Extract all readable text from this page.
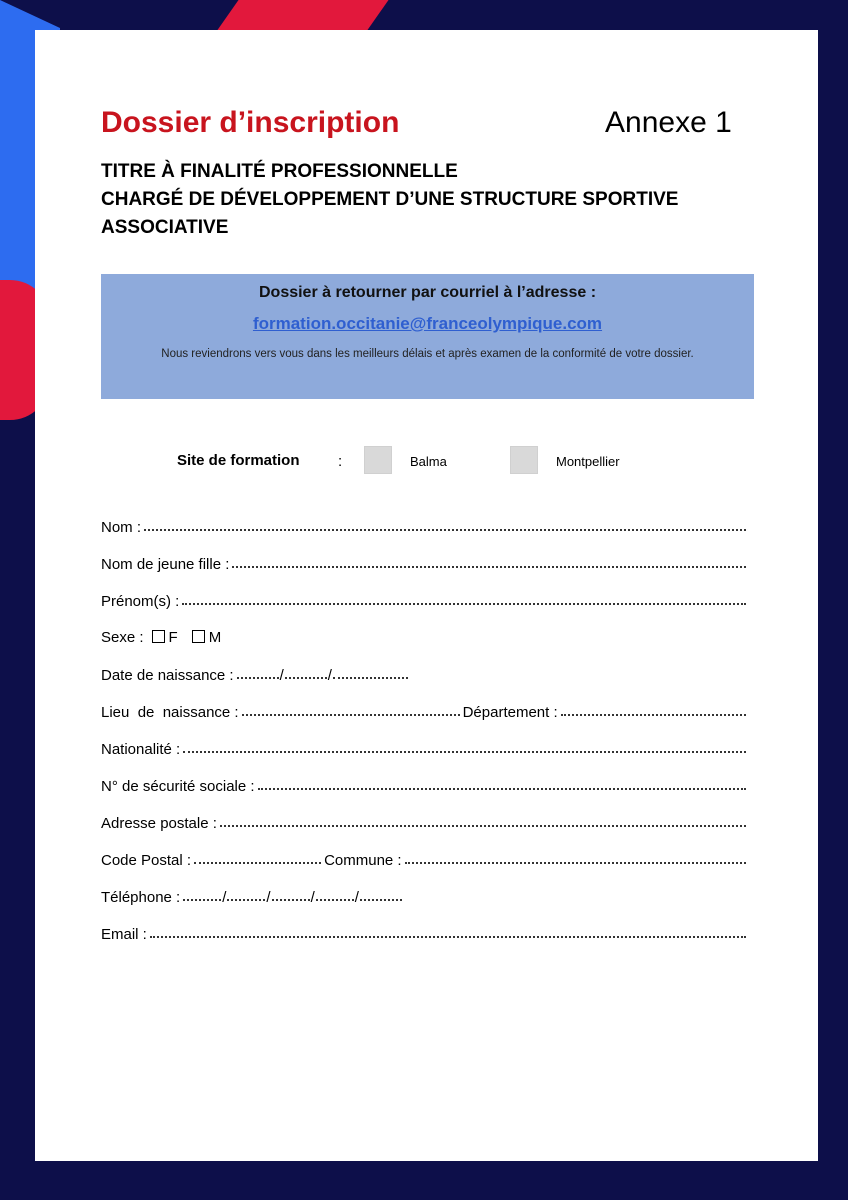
Dossier d’inscription	Annexe 1
TITRE À FINALITÉ PROFESSIONNELLE
CHARGÉ DE DÉVELOPPEMENT D’UNE STRUCTURE SPORTIVE
ASSOCIATIVE
Dossier à retourner par courriel à l’adresse :
formation.occitanie@franceolympique.com
Nous reviendrons vers vous dans les meilleurs délais et après examen de la conformité de votre dossier.
Site de formation	:	Balma	Montpellier
Nom :
Nom de jeune fille :
Prénom(s) :
Sexe : F M
Date de naissance :	/	/
Lieu  de  naissance :	Département :
Nationalité :
N° de sécurité sociale :
Adresse postale :
Code Postal :	Commune :
Téléphone :	/	/	/	/
Email :
